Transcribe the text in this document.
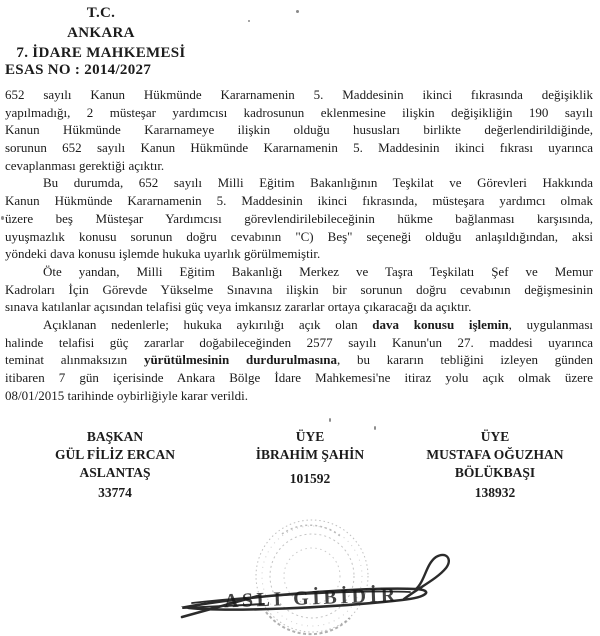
T.C.
ANKARA
7. İDARE MAHKEMESİ
ESAS NO : 2014/2027
652 sayılı Kanun Hükmünde Kararnamenin 5. Maddesinin ikinci fıkrasında değişiklik
yapılmadığı, 2 müsteşar yardımcısı kadrosunun eklenmesine ilişkin değişikliğin 190 sayılı
Kanun Hükmünde Kararnameye ilişkin olduğu hususları birlikte değerlendirildiğinde,
sorunun 652 sayılı Kanun Hükmünde Kararnamenin 5. Maddesinin ikinci fıkrası uyarınca
cevaplanması gerektiği açıktır.
Bu durumda, 652 sayılı Milli Eğitim Bakanlığının Teşkilat ve Görevleri Hakkında
Kanun Hükmünde Kararnamenin 5. Maddesinin ikinci fıkrasında, müsteşara yardımcı olmak
üzere beş Müsteşar Yardımcısı görevlendirilebileceğinin hükme bağlanması karşısında,
uyuşmazlık konusu sorunun doğru cevabının "C) Beş" seçeneği olduğu anlaşıldığından, aksi
yöndeki dava konusu işlemde hukuka uyarlık görülmemiştir.
Öte yandan, Milli Eğitim Bakanlığı Merkez ve Taşra Teşkilatı Şef ve Memur
Kadroları İçin Görevde Yükselme Sınavına ilişkin bir sorunun doğru cevabının değişmesinin
sınava katılanlar açısından telafisi güç veya imkansız zararlar ortaya çıkaracağı da açıktır.
Açıklanan nedenlerle; hukuka aykırılığı açık olan dava konusu işlemin, uygulanması
halinde telafisi güç zararlar doğabileceğinden 2577 sayılı Kanun'un 27. maddesi uyarınca
teminat alınmaksızın yürütülmesinin durdurulmasına, bu kararın tebliğini izleyen günden
itibaren 7 gün içerisinde Ankara Bölge İdare Mahkemesi'ne itiraz yolu açık olmak üzere
08/01/2015 tarihinde oybirliğiyle karar verildi.
BAŞKAN
GÜL FİLİZ ERCAN
ASLANTAŞ
33774
ÜYE
İBRAHİM ŞAHİN
101592
ÜYE
MUSTAFA OĞUZHAN
BÖLÜKBAŞI
138932
ASLI GİBİDİR
